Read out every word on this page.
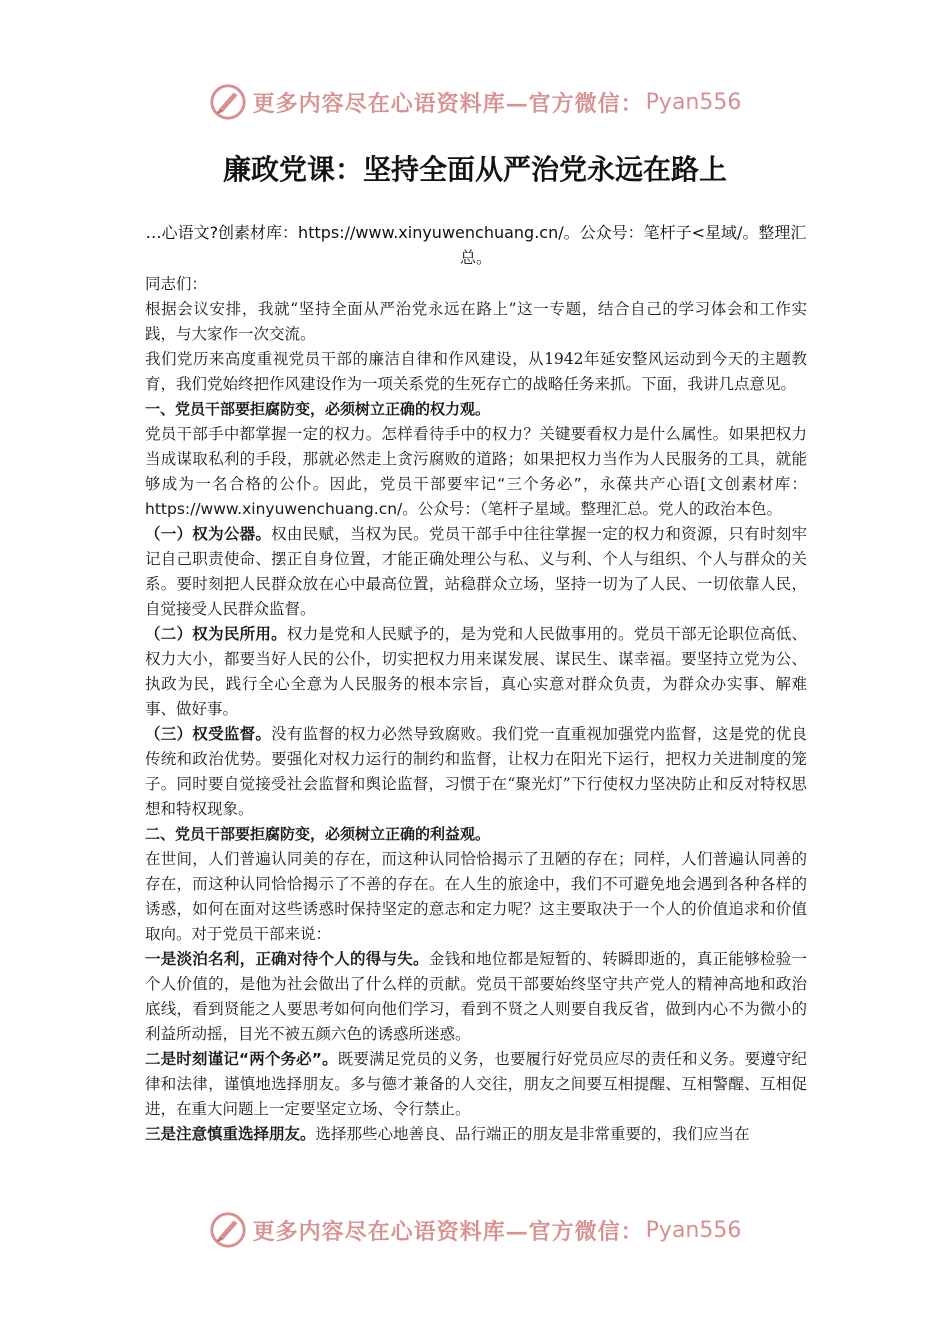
更多内容尽在心语资料库—官方微信： Pyan556
廉政党课：坚持全面从严治党永远在路上
…心语文?创素材库：https://www.xinyuwenchuang.cn/。公众号：笔杆子<星域/。整理汇总。

同志们：

根据会议安排，我就“坚持全面从严治党永远在路上”这一专题，结合自己的学习体会和工作实践，与大家作一次交流。

我们党历来高度重视党员干部的廉洁自律和作风建设，从1942年延安整风运动到今天的主题教育，我们党始终把作风建设作为一项关系党的生死存亡的战略任务来抓。下面，我讲几点意见。

一、党员干部要拒腐防变，必须树立正确的权力观。

党员干部手中都掌握一定的权力。怎样看待手中的权力？关键要看权力是什么属性。如果把权力当成谋取私利的手段，那就必然走上贪污腐败的道路；如果把权力当作为人民服务的工具，就能够成为一名合格的公仆。因此，党员干部要牢记“三个务必”，永葆共产心语[文创素材库：https://www.xinyuwenchuang.cn/。公众号：（笔杆子星域。整理汇总。党人的政治本色。

（一）权为公器。权由民赋，当权为民。党员干部手中往往掌握一定的权力和资源，只有时刻牢记自己职责使命、摆正自身位置，才能正确处理公与私、义与利、个人与组织、个人与群众的关系。要时刻把人民群众放在心中最高位置，站稳群众立场，坚持一切为了人民、一切依靠人民，自觉接受人民群众监督。

（二）权为民所用。权力是党和人民赋予的，是为党和人民做事用的。党员干部无论职位高低、权力大小，都要当好人民的公仆，切实把权力用来谋发展、谋民生、谋幸福。要坚持立党为公、执政为民，践行全心全意为人民服务的根本宗旨，真心实意对群众负责，为群众办实事、解难事、做好事。

（三）权受监督。没有监督的权力必然导致腐败。我们党一直重视加强党内监督，这是党的优良传统和政治优势。要强化对权力运行的制约和监督，让权力在阳光下运行，把权力关进制度的笼子。同时要自觉接受社会监督和舆论监督，习惯于在“聚光灯”下行使权力坚决防止和反对特权思想和特权现象。

二、党员干部要拒腐防变，必须树立正确的利益观。

在世间，人们普遍认同美的存在，而这种认同恰恰揭示了丑陋的存在；同样，人们普遍认同善的存在，而这种认同恰恰揭示了不善的存在。在人生的旅途中，我们不可避免地会遇到各种各样的诱惑，如何在面对这些诱惑时保持坚定的意志和定力呢？这主要取决于一个人的价值追求和价值取向。对于党员干部来说：

一是淡泊名利，正确对待个人的得与失。金钱和地位都是短暂的、转瞬即逝的，真正能够检验一个人价值的，是他为社会做出了什么样的贡献。党员干部要始终坚守共产党人的精神高地和政治底线，看到贤能之人要思考如何向他们学习，看到不贤之人则要自我反省，做到内心不为微小的利益所动摇，目光不被五颜六色的诱惑所迷惑。

二是时刻谨记“两个务必”。既要满足党员的义务，也要履行好党员应尽的责任和义务。要遵守纪律和法律，谨慎地选择朋友。多与德才兼备的人交往，朋友之间要互相提醒、互相警醒、互相促进，在重大问题上一定要坚定立场、令行禁止。

三是注意慎重选择朋友。选择那些心地善良、品行端正的朋友是非常重要的，我们应当在

更多内容尽在心语资料库—官方微信： Pyan556
